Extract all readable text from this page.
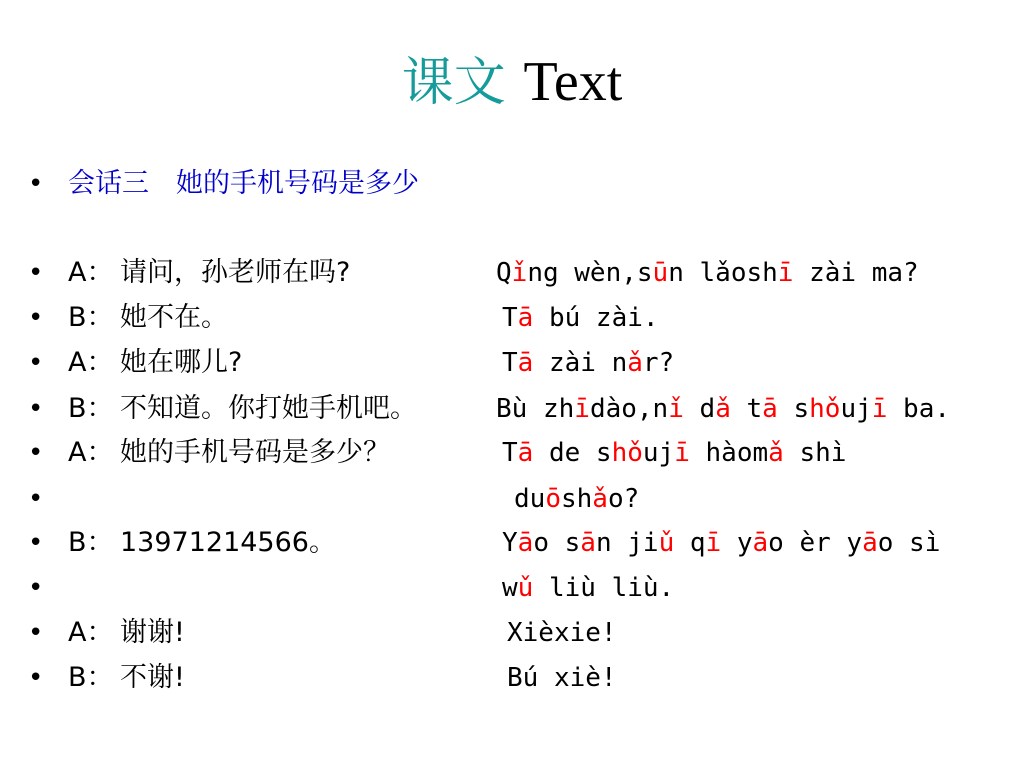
课文 Text
• 会话三　她的手机号码是多少
• A： 请问，孙老师在吗?	Qǐng wèn,sūn lǎoshī zài ma?
• B： 她不在。	Tā bú zài.
• A： 她在哪儿?	Tā zài nǎr?
• B： 不知道。你打她手机吧。	Bù zhīdào,nǐ dǎ tā shǒujī ba.
• A： 她的手机号码是多少？	Tā de shǒujī hàomǎ shì
•	duōshǎo?
• B： 13971214566。	Yāo sān jiǔ qī yāo èr yāo sì
•	wǔ liù liù.
• A： 谢谢!	Xièxie!
• B： 不谢!	Bú xiè!
